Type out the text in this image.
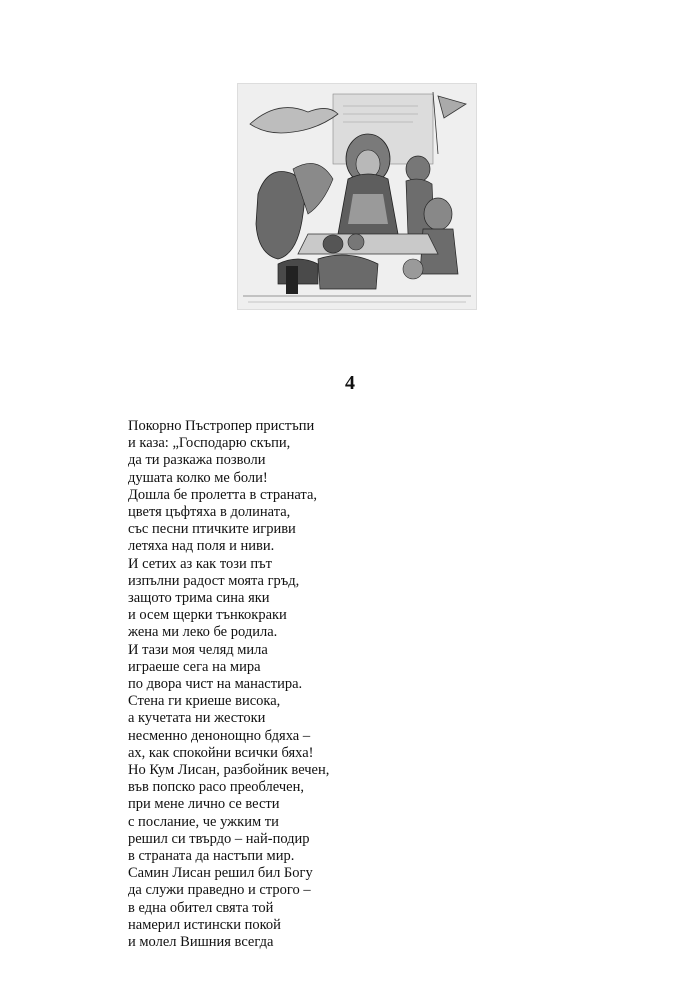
4
Покорно Пъстропер пристъпи
и каза: „Господарю скъпи,
да ти разкажа позволи
душата колко ме боли!
Дошла бе пролетта в страната,
цветя цъфтяха в долината,
със песни птичките игриви
летяха над поля и ниви.
И сетих аз как този път
изпълни радост моята гръд,
защото трима сина яки
и осем щерки тънкокраки
жена ми леко бе родила.
И тази моя челяд мила
играеше сега на мира
по двора чист на манастира.
Стена ги криеше висока,
а кучетата ни жестоки
несменно денонощно бдяха –
ах, как спокойни всички бяха!
Но Кум Лисан, разбойник вечен,
във попско расо преоблечен,
при мене лично се вести
с послание, че ужким ти
решил си твърдо – най-подир
в страната да настъпи мир.
Самин Лисан решил бил Богу
да служи праведно и строго –
в една обител свята той
намерил истински покой
и молел Вишния всегда
